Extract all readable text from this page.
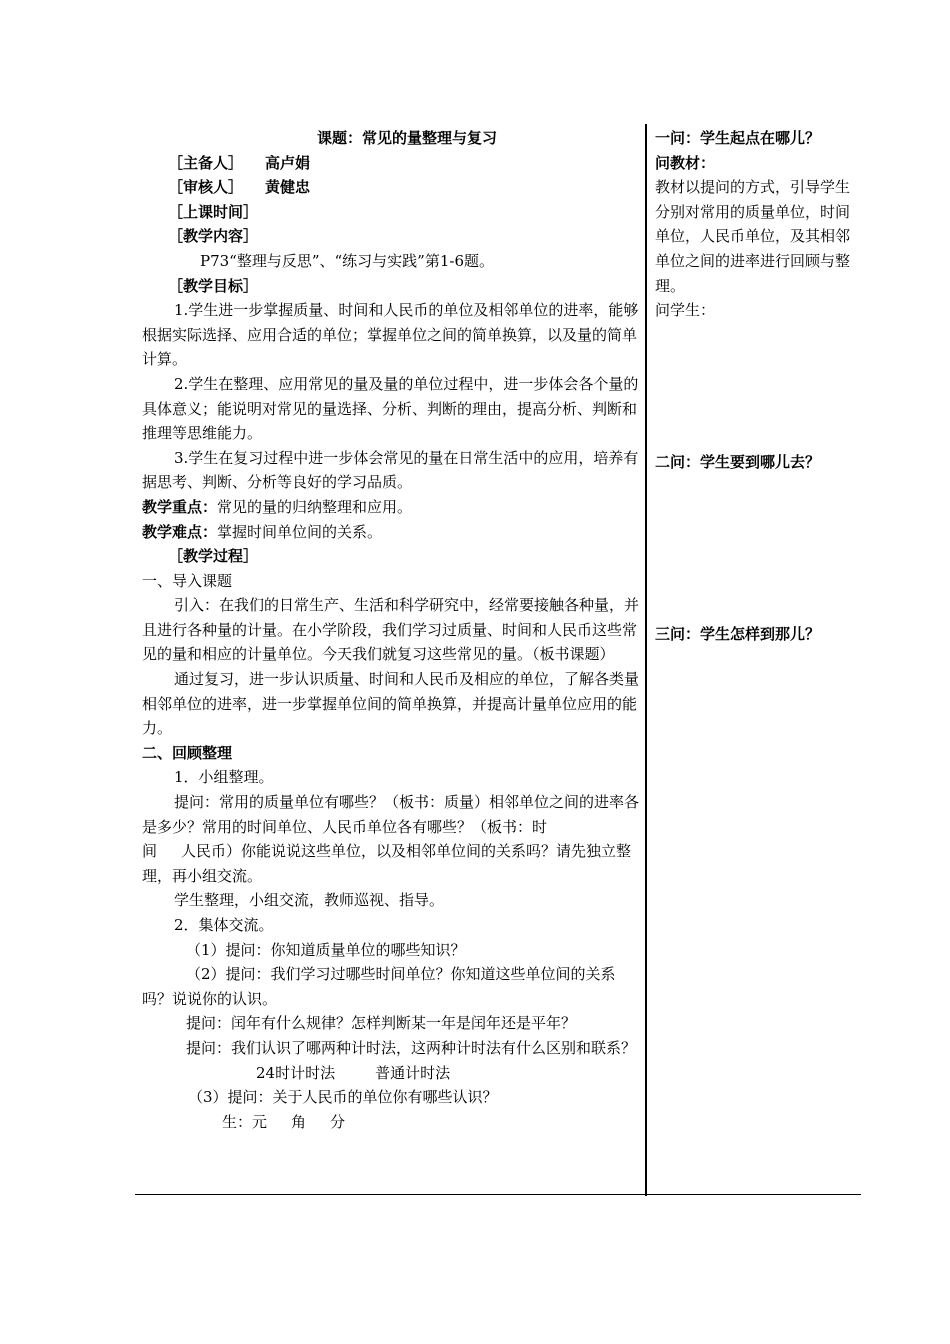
课题：常见的量整理与复习
［主备人］ 高卢娟
［审核人］ 黄健忠
［上课时间］
［教学内容］
P73“整理与反思”、“练习与实践”第1-6题。
［教学目标］
1.学生进一步掌握质量、时间和人民币的单位及相邻单位的进率，能够根据实际选择、应用合适的单位；掌握单位之间的简单换算，以及量的简单计算。
2.学生在整理、应用常见的量及量的单位过程中，进一步体会各个量的具体意义；能说明对常见的量选择、分析、判断的理由，提高分析、判断和推理等思维能力。
3.学生在复习过程中进一步体会常见的量在日常生活中的应用，培养有据思考、判断、分析等良好的学习品质。
教学重点：常见的量的归纳整理和应用。
教学难点：掌握时间单位间的关系。
［教学过程］
一、导入课题
引入：在我们的日常生产、生活和科学研究中，经常要接触各种量，并且进行各种量的计量。在小学阶段，我们学习过质量、时间和人民币这些常见的量和相应的计量单位。今天我们就复习这些常见的量。（板书课题）
通过复习，进一步认识质量、时间和人民币及相应的单位，了解各类量相邻单位的进率，进一步掌握单位间的简单换算，并提高计量单位应用的能力。
二、回顾整理
1．小组整理。
提问：常用的质量单位有哪些？（板书：质量）相邻单位之间的进率各是多少？常用的时间单位、人民币单位各有哪些？（板书：时
间 人民币）你能说说这些单位，以及相邻单位间的关系吗？请先独立整理，再小组交流。
学生整理，小组交流，教师巡视、指导。
2．集体交流。
（1）提问：你知道质量单位的哪些知识？
（2）提问：我们学习过哪些时间单位？你知道这些单位间的关系吗？说说你的认识。
提问：闰年有什么规律？怎样判断某一年是闰年还是平年？
提问：我们认识了哪两种计时法，这两种计时法有什么区别和联系？
24时计时法	普通计时法
（3）提问：关于人民币的单位你有哪些认识？
生：元 角 分
一问：学生起点在哪儿？
问教材：
教材以提问的方式，引导学生分别对常用的质量单位，时间单位，人民币单位，及其相邻单位之间的进率进行回顾与整理。
问学生：
二问：学生要到哪儿去？
三问：学生怎样到那儿？
